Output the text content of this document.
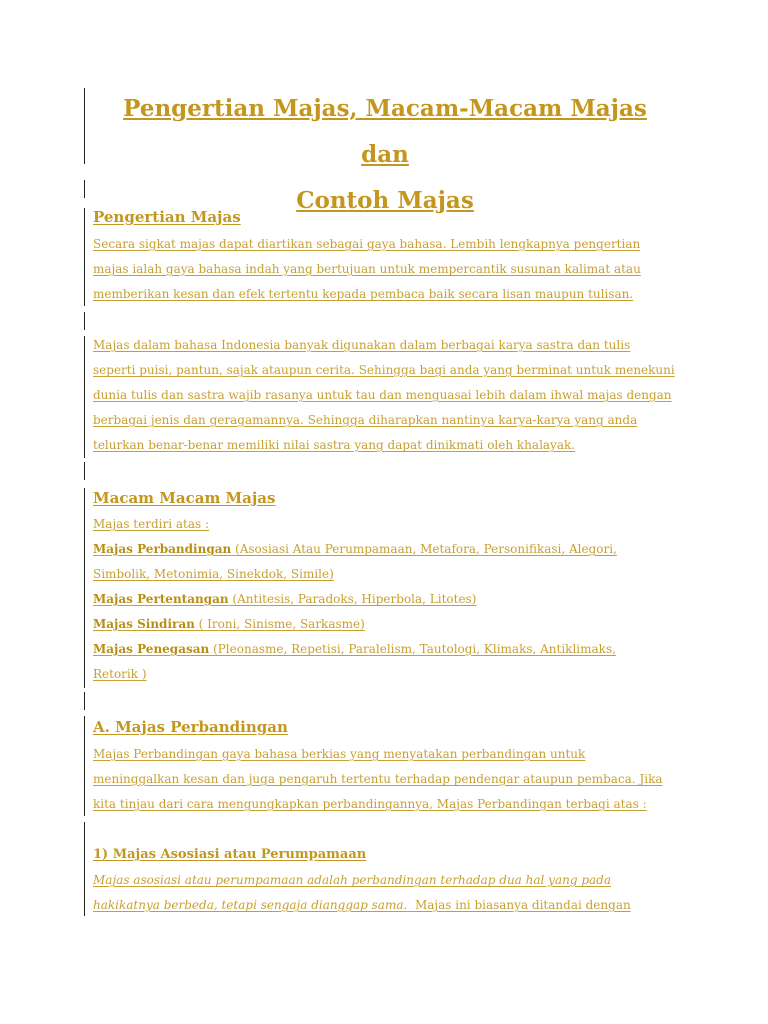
Pengertian Majas, Macam-Macam Majas dan
Contoh Majas
Pengertian Majas
Secara sigkat majas dapat diartikan sebagai gaya bahasa. Lembih lengkapnya pengertian
majas ialah gaya bahasa indah yang bertujuan untuk mempercantik susunan kalimat atau
memberikan kesan dan efek tertentu kepada pembaca baik secara lisan maupun tulisan.
Majas dalam bahasa Indonesia banyak digunakan dalam berbagai karya sastra dan tulis
seperti puisi, pantun, sajak ataupun cerita. Sehingga bagi anda yang berminat untuk menekuni
dunia tulis dan sastra wajib rasanya untuk tau dan menguasai lebih dalam ihwal majas dengan
berbagai jenis dan geragamannya. Sehingga diharapkan nantinya karya-karya yang anda
telurkan benar-benar memiliki nilai sastra yang dapat dinikmati oleh khalayak.
Macam Macam Majas
Majas terdiri atas :
Majas Perbandingan (Asosiasi Atau Perumpamaan, Metafora, Personifikasi, Alegori,
Simbolik, Metonimia, Sinekdok, Simile)
Majas Pertentangan (Antitesis, Paradoks, Hiperbola, Litotes)
Majas Sindiran ( Ironi, Sinisme, Sarkasme)
Majas Penegasan (Pleonasme, Repetisi, Paralelism, Tautologi, Klimaks, Antiklimaks,
Retorik )
A. Majas Perbandingan
Majas Perbandingan gaya bahasa berkias yang menyatakan perbandingan untuk
meninggalkan kesan dan juga pengaruh tertentu terhadap pendengar ataupun pembaca. Jika
kita tinjau dari cara mengungkapkan perbandingannya, Majas Perbandingan terbagi atas :
1) Majas Asosiasi atau Perumpamaan
Majas asosiasi atau perumpamaan adalah perbandingan terhadap dua hal yang pada
hakikatnya berbeda, tetapi sengaja dianggap sama.  Majas ini biasanya ditandai dengan
